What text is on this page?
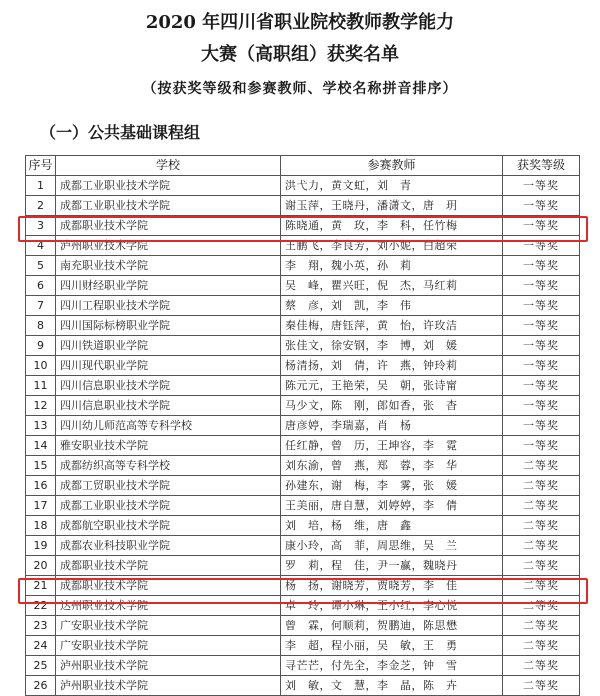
2020 年四川省职业院校教师教学能力
大赛（高职组）获奖名单
（按获奖等级和参赛教师、学校名称拼音排序）
（一）公共基础课程组
序号	学校	参赛教师	获奖等级
1	成都工业职业技术学院	洪弋力，黄文虹，刘　青	一等奖
2	成都工业职业技术学院	谢玉萍，王晓丹，潘潇文，唐　玥	一等奖
3	成都职业技术学院	陈晓通，黄　玫，李　科，任竹梅	一等奖
4	泸州职业技术学院	王鹏飞，李良芳，刘小妮，白超荣	一等奖
5	南充职业技术学院	李　翔，魏小英，孙　莉	一等奖
6	四川财经职业学院	吴　峰，瞿兴旺，倪　杰，马红莉	一等奖
7	四川工程职业技术学院	蔡　彦，刘　凯，李　伟	一等奖
8	四川国际标榜职业学院	秦佳梅，唐钰萍，黄　怡，许玫洁	一等奖
9	四川铁道职业学院	张佳文，徐安钢，李　博，刘　媛	一等奖
10	四川现代职业学院	杨清扬，刘　倩，许　燕，钟玲莉	一等奖
11	四川信息职业技术学院	陈元元，王艳荣，吴　朝，张诗甯	一等奖
12	四川信息职业技术学院	马少文，陈　刚，郎如香，张　杳	一等奖
13	四川幼儿师范高等专科学校	唐彦婷，李瑞嘉，肖　杨	一等奖
14	雅安职业技术学院	任红静，曾　历，王坤容，李　霓	一等奖
15	成都纺织高等专科学校	刘东渝，曾　燕，郑　蓉，李　华	二等奖
16	成都工贸职业技术学院	孙建东，谢　梅，李　雾，张　媛	二等奖
17	成都工业职业技术学院	王美丽，唐自慧，刘婷婷，李　倩	二等奖
18	成都航空职业技术学院	刘　培，杨　维，唐　鑫	二等奖
19	成都农业科技职业学院	康小玲，高　菲，周思维，吴　兰	二等奖
20	成都职业技术学院	罗　莉，程　佳，尹一赢，魏晓丹	二等奖
21	成都职业技术学院	杨　扬，谢晓芳，贾晓芳，李　佳	二等奖
22	达州职业技术学院	卓　玲，谭小琳，王小红，李心悦	二等奖
23	广安职业技术学院	曾　霖，何顺莉，贺鹏迪，陈思懋	二等奖
24	广安职业技术学院	李　超，程小丽，吴　敏，王　勇	二等奖
25	泸州职业技术学院	寻芒芒，付先全，李金芝，钟　雪	二等奖
26	泸州职业技术学院	刘　敏，文　慧，李　晶，陈　卉	二等奖
